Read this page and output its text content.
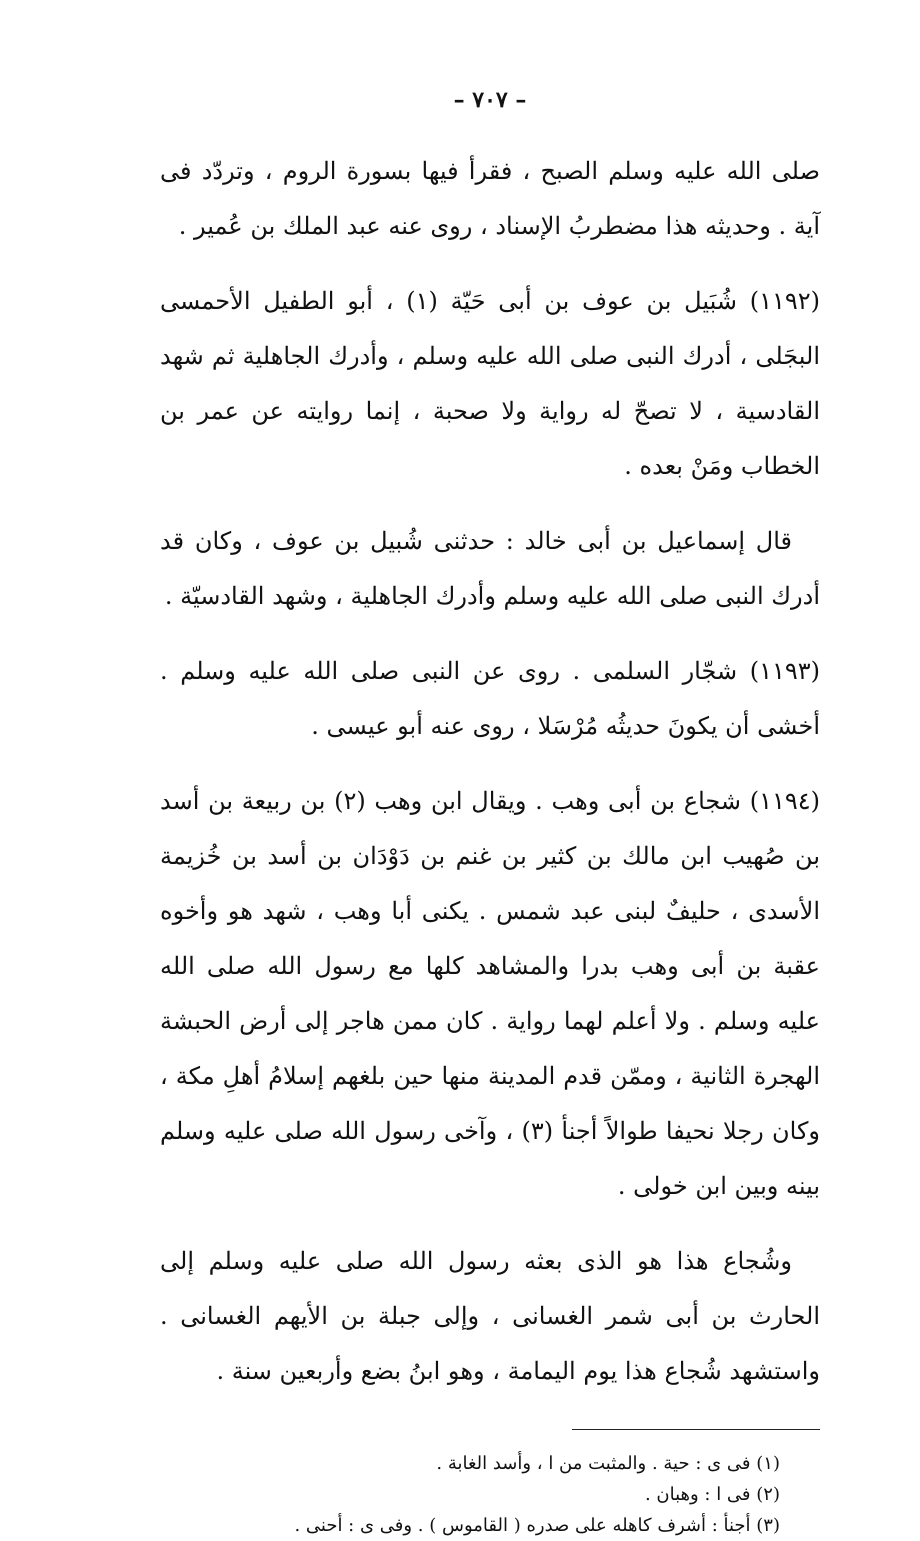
– ٧٠٧ –

صلى الله عليه وسلم الصبح ، فقرأ فيها بسورة الروم ، وتردّد فى آية . وحديثه هذا مضطربُ الإسناد ، روى عنه عبد الملك بن عُمير .

(١١٩٢) شُبَيل بن عوف بن أبى حَيّة (١) ، أبو الطفيل الأحمسى البجَلى ، أدرك النبى صلى الله عليه وسلم ، وأدرك الجاهلية ثم شهد القادسية ، لا تصحّ له رواية ولا صحبة ، إنما روايته عن عمر بن الخطاب ومَنْ بعده .

قال إسماعيل بن أبى خالد : حدثنى شُبيل بن عوف ، وكان قد أدرك النبى صلى الله عليه وسلم وأدرك الجاهلية ، وشهد القادسيّة .

(١١٩٣) شجّار السلمى . روى عن النبى صلى الله عليه وسلم . أخشى أن يكونَ حديثُه مُرْسَلا ، روى عنه أبو عيسى .

(١١٩٤) شجاع بن أبى وهب . ويقال ابن وهب (٢) بن ربيعة بن أسد بن صُهيب ابن مالك بن كثير بن غنم بن دَوْدَان بن أسد بن خُزيمة الأسدى ، حليفٌ لبنى عبد شمس . يكنى أبا وهب ، شهد هو وأخوه عقبة بن أبى وهب بدرا والمشاهد كلها مع رسول الله صلى الله عليه وسلم . ولا أعلم لهما رواية . كان ممن هاجر إلى أرض الحبشة الهجرة الثانية ، وممّن قدم المدينة منها حين بلغهم إسلامُ أهلِ مكة ، وكان رجلا نحيفا طوالاً أجنأ (٣) ، وآخى رسول الله صلى عليه وسلم بينه وبين ابن خولى .

وشُجاع هذا هو الذى بعثه رسول الله صلى عليه وسلم إلى الحارث بن أبى شمر الغسانى ، وإلى جبلة بن الأيهم الغسانى . واستشهد شُجاع هذا يوم اليمامة ، وهو ابنُ بضع وأربعين سنة .

(١) فى ى : حية . والمثبت من ا ، وأسد الغابة .

(٢) فى ا : وهبان .

(٣) أجنأ : أشرف كاهله على صدره ( القاموس ) . وفى ى : أحنى .
